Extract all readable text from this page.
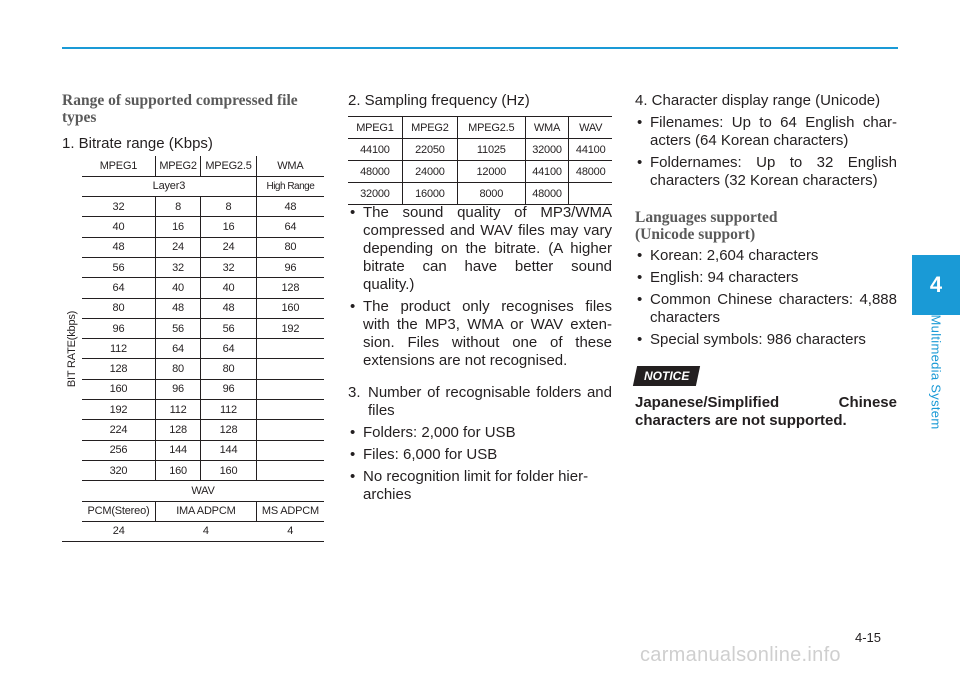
Range of supported compressed file types
1. Bitrate range (Kbps)
BIT RATE(kbps)	MPEG1	MPEG2	MPEG2.5	WMA
	Layer3			High Range
	32	8	8	48
	40	16	16	64
	48	24	24	80
	56	32	32	96
	64	40	40	128
	80	48	48	160
	96	56	56	192
	112	64	64	
	128	80	80	
	160	96	96	
	192	112	112	
	224	128	128	
	256	144	144	
	320	160	160	
	WAV			
	PCM(Stereo)	IMA ADPCM		MS ADPCM
	24	4		4
2. Sampling frequency (Hz)
MPEG1	MPEG2	MPEG2.5	WMA	WAV
44100	22050	11025	32000	44100
48000	24000	12000	44100	48000
32000	16000	8000	48000	
• The sound quality of MP3/WMA compressed and WAV files may vary depending on the bitrate. (A higher bitrate can have better sound quality.)
• The product only recognises files with the MP3, WMA or WAV exten-sion. Files without one of these extensions are not recognised.
3. Number of recognisable folders and files
• Folders: 2,000 for USB
• Files: 6,000 for USB
• No recognition limit for folder hier-archies
4. Character display range (Unicode)
• Filenames: Up to 64 English char-acters (64 Korean characters)
• Foldernames: Up to 32 English characters (32 Korean characters)
Languages supported
(Unicode support)
• Korean: 2,604 characters
• English: 94 characters
• Common Chinese characters: 4,888 characters
• Special symbols: 986 characters
NOTICE
Japanese/Simplified Chinese characters are not supported.
4
Multimedia System
4-15
carmanualsonline.info
